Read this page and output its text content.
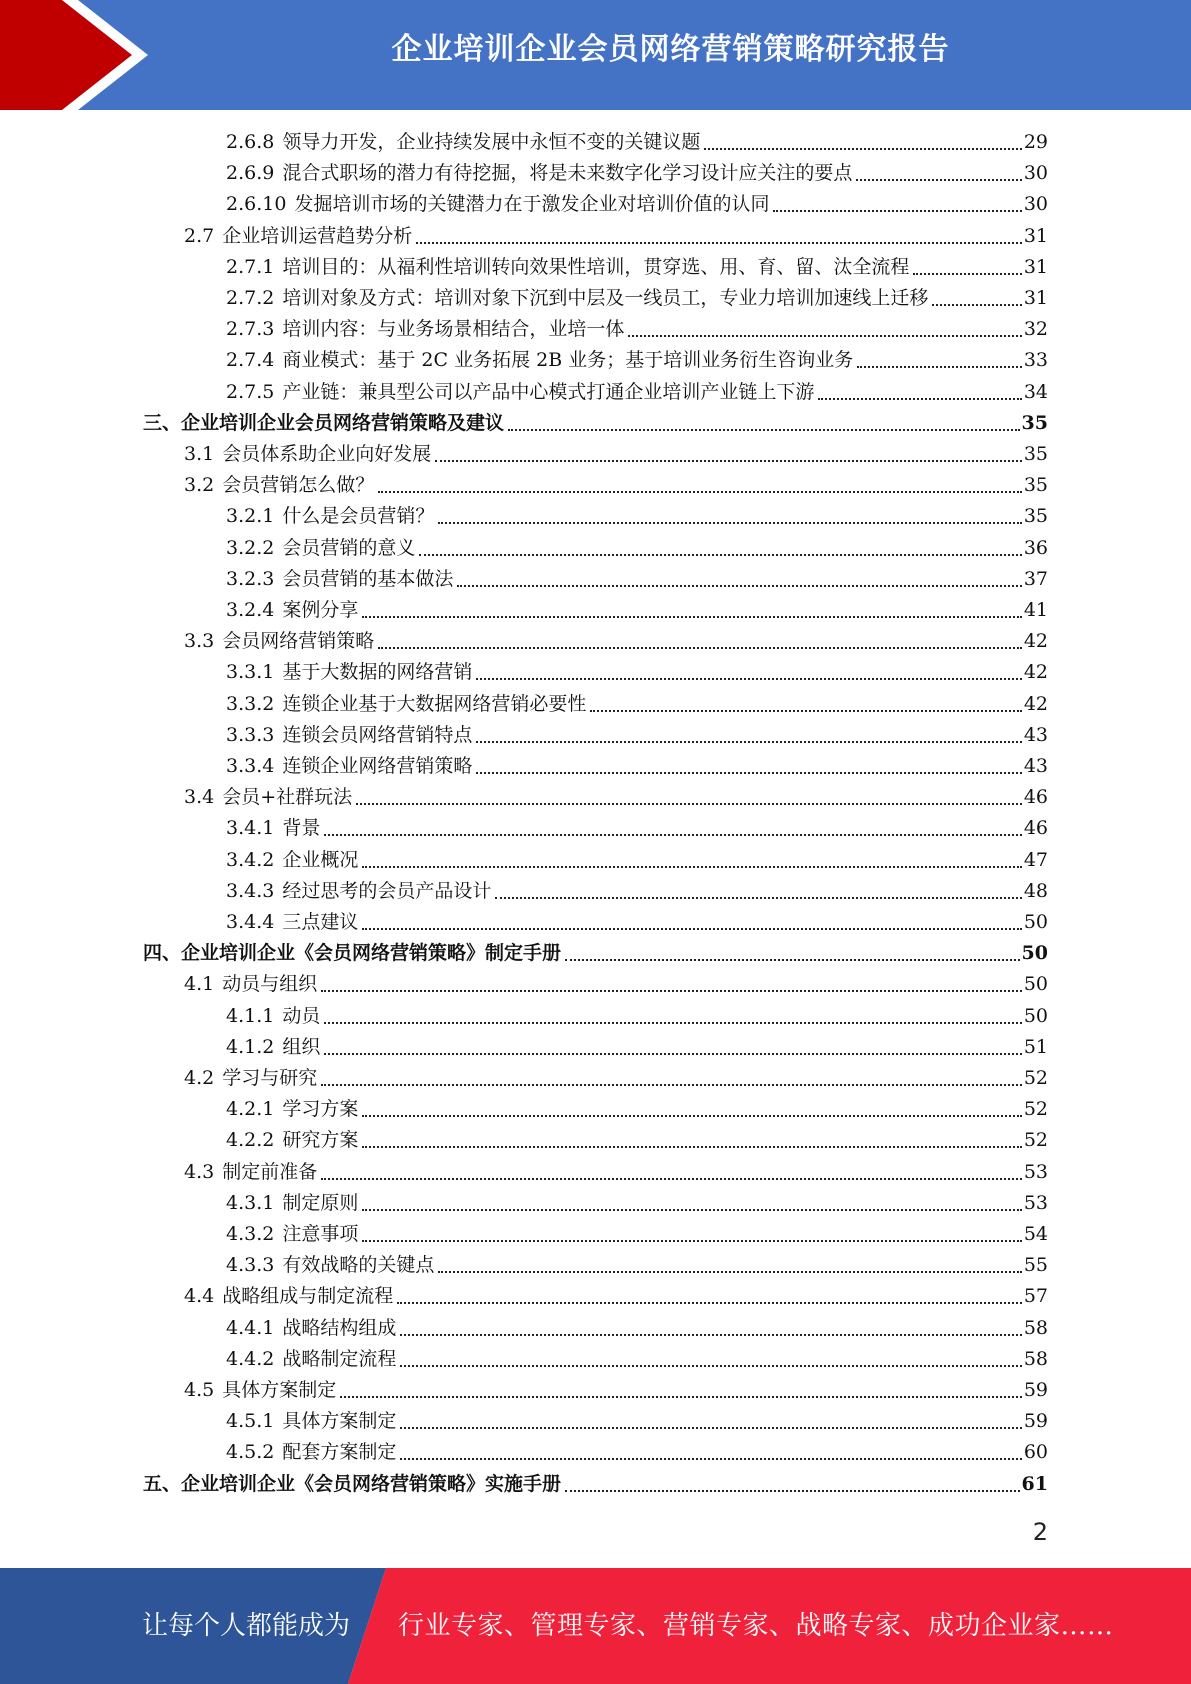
企业培训企业会员网络营销策略研究报告
2.6.8 领导力开发，企业持续发展中永恒不变的关键议题	29
2.6.9 混合式职场的潜力有待挖掘，将是未来数字化学习设计应关注的要点	30
2.6.10 发掘培训市场的关键潜力在于激发企业对培训价值的认同	30
2.7 企业培训运营趋势分析	31
2.7.1 培训目的：从福利性培训转向效果性培训，贯穿选、用、育、留、汰全流程	31
2.7.2 培训对象及方式：培训对象下沉到中层及一线员工，专业力培训加速线上迁移	31
2.7.3 培训内容：与业务场景相结合，业培一体	32
2.7.4 商业模式：基于 2C 业务拓展 2B 业务；基于培训业务衍生咨询业务	33
2.7.5 产业链：兼具型公司以产品中心模式打通企业培训产业链上下游	34
三、 企业培训企业会员网络营销策略及建议	35
3.1 会员体系助企业向好发展	35
3.2 会员营销怎么做？	35
3.2.1 什么是会员营销？	35
3.2.2 会员营销的意义	36
3.2.3 会员营销的基本做法	37
3.2.4 案例分享	41
3.3 会员网络营销策略	42
3.3.1 基于大数据的网络营销	42
3.3.2 连锁企业基于大数据网络营销必要性	42
3.3.3 连锁会员网络营销特点	43
3.3.4 连锁企业网络营销策略	43
3.4 会员+社群玩法	46
3.4.1 背景	46
3.4.2 企业概况	47
3.4.3 经过思考的会员产品设计	48
3.4.4 三点建议	50
四、 企业培训企业《会员网络营销策略》制定手册	50
4.1 动员与组织	50
4.1.1 动员	50
4.1.2 组织	51
4.2 学习与研究	52
4.2.1 学习方案	52
4.2.2 研究方案	52
4.3 制定前准备	53
4.3.1 制定原则	53
4.3.2 注意事项	54
4.3.3 有效战略的关键点	55
4.4 战略组成与制定流程	57
4.4.1 战略结构组成	58
4.4.2 战略制定流程	58
4.5 具体方案制定	59
4.5.1 具体方案制定	59
4.5.2 配套方案制定	60
五、 企业培训企业《会员网络营销策略》实施手册	61
2
让每个人都能成为 行业专家、管理专家、营销专家、战略专家、成功企业家……
